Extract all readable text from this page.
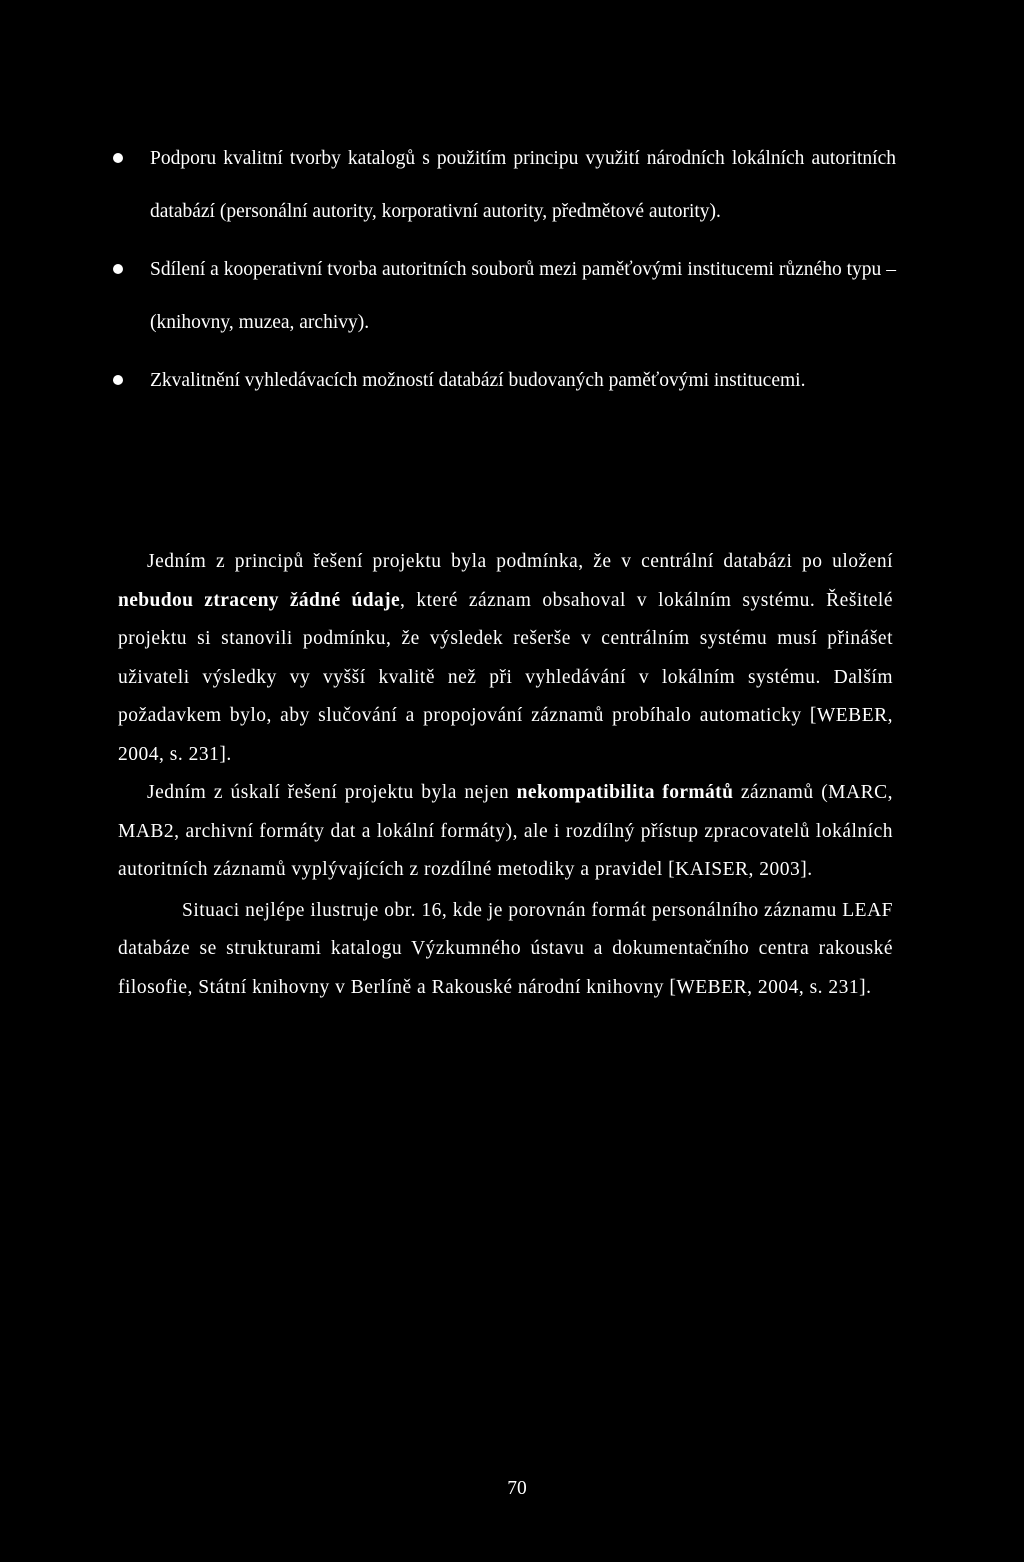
Podporu kvalitní tvorby katalogů s použitím principu využití národních lokálních autoritních databází (personální autority, korporativní autority, předmětové autority).
Sdílení a kooperativní tvorba autoritních souborů mezi paměťovými institucemi různého typu – (knihovny, muzea, archivy).
Zkvalitnění vyhledávacích možností databází budovaných paměťovými institucemi.

Jedním z principů řešení projektu byla podmínka, že v centrální databázi po uložení nebudou ztraceny žádné údaje, které záznam obsahoval v lokálním systému. Řešitelé projektu si stanovili podmínku, že výsledek rešerše v centrálním systému musí přinášet uživateli výsledky vy vyšší kvalitě než při vyhledávání v lokálním systému. Dalším požadavkem bylo, aby slučování a propojování záznamů probíhalo automaticky [WEBER, 2004, s. 231].

Jedním z úskalí řešení projektu byla nejen nekompatibilita formátů záznamů (MARC, MAB2, archivní formáty dat a lokální formáty), ale i rozdílný přístup zpracovatelů lokálních autoritních záznamů vyplývajících z rozdílné metodiky a pravidel [KAISER, 2003].

Situaci nejlépe ilustruje obr. 16, kde je porovnán formát personálního záznamu LEAF databáze se strukturami katalogu Výzkumného ústavu a dokumentačního centra rakouské filosofie, Státní knihovny v Berlíně a Rakouské národní knihovny [WEBER, 2004, s. 231].

70
